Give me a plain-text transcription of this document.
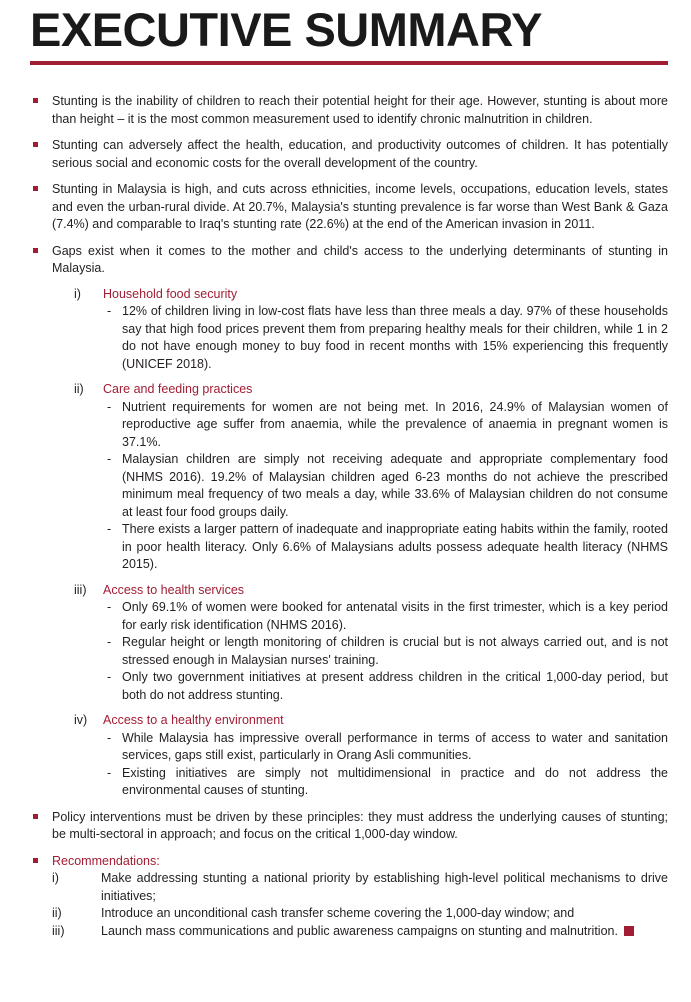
EXECUTIVE SUMMARY
Stunting is the inability of children to reach their potential height for their age. However, stunting is about more than height – it is the most common measurement used to identify chronic malnutrition in children.
Stunting can adversely affect the health, education, and productivity outcomes of children. It has potentially serious social and economic costs for the overall development of the country.
Stunting in Malaysia is high, and cuts across ethnicities, income levels, occupations, education levels, states and even the urban-rural divide. At 20.7%, Malaysia's stunting prevalence is far worse than West Bank & Gaza (7.4%) and comparable to Iraq's stunting rate (22.6%) at the end of the American invasion in 2011.
Gaps exist when it comes to the mother and child's access to the underlying determinants of stunting in Malaysia.
i) Household food security
- 12% of children living in low-cost flats have less than three meals a day. 97% of these households say that high food prices prevent them from preparing healthy meals for their children, while 1 in 2 do not have enough money to buy food in recent months with 15% experiencing this frequently (UNICEF 2018).
ii) Care and feeding practices
- Nutrient requirements for women are not being met. In 2016, 24.9% of Malaysian women of reproductive age suffer from anaemia, while the prevalence of anaemia in pregnant women is 37.1%.
- Malaysian children are simply not receiving adequate and appropriate complementary food (NHMS 2016). 19.2% of Malaysian children aged 6-23 months do not achieve the prescribed minimum meal frequency of two meals a day, while 33.6% of Malaysian children do not consume at least four food groups daily.
- There exists a larger pattern of inadequate and inappropriate eating habits within the family, rooted in poor health literacy. Only 6.6% of Malaysians adults possess adequate health literacy (NHMS 2015).
iii) Access to health services
- Only 69.1% of women were booked for antenatal visits in the first trimester, which is a key period for early risk identification (NHMS 2016).
- Regular height or length monitoring of children is crucial but is not always carried out, and is not stressed enough in Malaysian nurses' training.
- Only two government initiatives at present address children in the critical 1,000-day period, but both do not address stunting.
iv) Access to a healthy environment
- While Malaysia has impressive overall performance in terms of access to water and sanitation services, gaps still exist, particularly in Orang Asli communities.
- Existing initiatives are simply not multidimensional in practice and do not address the environmental causes of stunting.
Policy interventions must be driven by these principles: they must address the underlying causes of stunting; be multi-sectoral in approach; and focus on the critical 1,000-day window.
Recommendations:
i)	Make addressing stunting a national priority by establishing high-level political mechanisms to drive initiatives;
ii)	Introduce an unconditional cash transfer scheme covering the 1,000-day window; and
iii)	Launch mass communications and public awareness campaigns on stunting and malnutrition.
